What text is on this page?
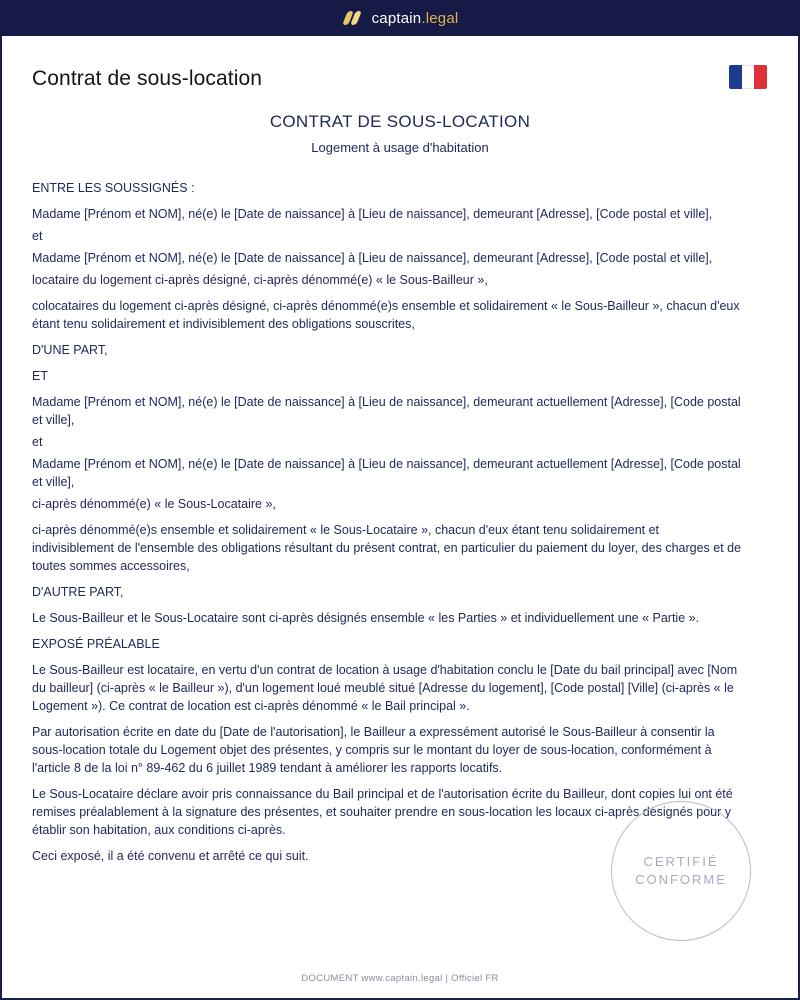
captain.legal
Contrat de sous-location
CONTRAT DE SOUS-LOCATION
Logement à usage d'habitation

ENTRE LES SOUSSIGNÉS :

Madame [Prénom et NOM], né(e) le [Date de naissance] à [Lieu de naissance], demeurant [Adresse], [Code postal et ville],

et

Madame [Prénom et NOM], né(e) le [Date de naissance] à [Lieu de naissance], demeurant [Adresse], [Code postal et ville],

locataire du logement ci-après désigné, ci-après dénommé(e) « le Sous-Bailleur »,

colocataires du logement ci-après désigné, ci-après dénommé(e)s ensemble et solidairement « le Sous-Bailleur », chacun d'eux étant tenu solidairement et indivisiblement des obligations souscrites,

D'UNE PART,

ET

Madame [Prénom et NOM], né(e) le [Date de naissance] à [Lieu de naissance], demeurant actuellement [Adresse], [Code postal et ville],

et

Madame [Prénom et NOM], né(e) le [Date de naissance] à [Lieu de naissance], demeurant actuellement [Adresse], [Code postal et ville],

ci-après dénommé(e) « le Sous-Locataire »,

ci-après dénommé(e)s ensemble et solidairement « le Sous-Locataire », chacun d'eux étant tenu solidairement et indivisiblement de l'ensemble des obligations résultant du présent contrat, en particulier du paiement du loyer, des charges et de toutes sommes accessoires,

D'AUTRE PART,

Le Sous-Bailleur et le Sous-Locataire sont ci-après désignés ensemble « les Parties » et individuellement une « Partie ».

EXPOSÉ PRÉALABLE

Le Sous-Bailleur est locataire, en vertu d'un contrat de location à usage d'habitation conclu le [Date du bail principal] avec [Nom du bailleur] (ci-après « le Bailleur »), d'un logement loué meublé situé [Adresse du logement], [Code postal] [Ville] (ci-après « le Logement »). Ce contrat de location est ci-après dénommé « le Bail principal ».

Par autorisation écrite en date du [Date de l'autorisation], le Bailleur a expressément autorisé le Sous-Bailleur à consentir la sous-location totale du Logement objet des présentes, y compris sur le montant du loyer de sous-location, conformément à l'article 8 de la loi n° 89-462 du 6 juillet 1989 tendant à améliorer les rapports locatifs.

Le Sous-Locataire déclare avoir pris connaissance du Bail principal et de l'autorisation écrite du Bailleur, dont copies lui ont été remises préalablement à la signature des présentes, et souhaiter prendre en sous-location les locaux ci-après désignés pour y établir son habitation, aux conditions ci-après.

Ceci exposé, il a été convenu et arrêté ce qui suit.	CERTIFIÉ
CONFORME
DOCUMENT www.captain.legal | Officiel FR
